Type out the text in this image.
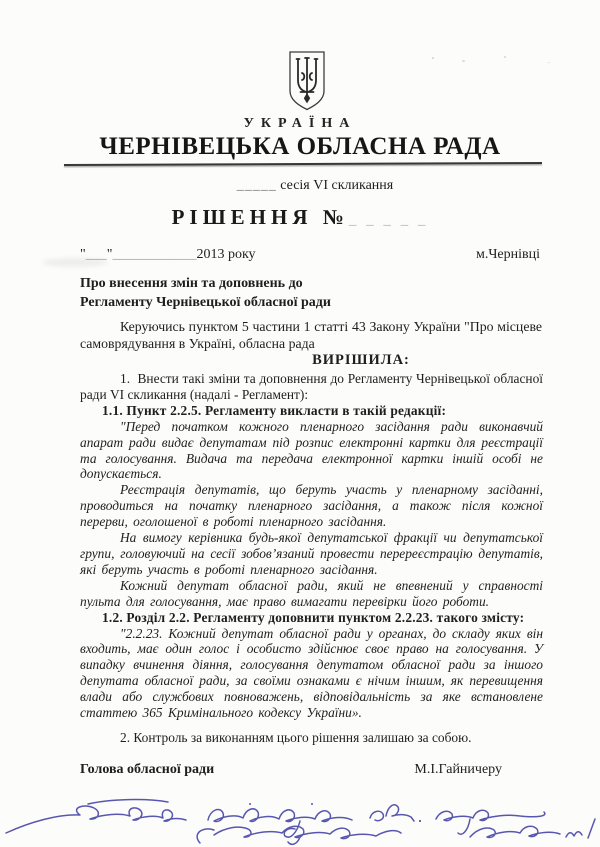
УКРАЇНА
ЧЕРНІВЕЦЬКА ОБЛАСНА РАДА
_____ сесія VI скликання
РІШЕННЯ №_ _ _ _ _
"___"____________2013 року	м.Чернівці
Про внесення змін та доповнень до
Регламенту Чернівецької обласної ради

Керуючись пунктом 5 частини 1 статті 43 Закону України "Про місцеве самоврядування в Україні, обласна рада

ВИРІШИЛА:

1.  Внести такі зміни та доповнення до Регламенту Чернівецької обласної ради VI скликання (надалі - Регламент):

1.1. Пункт 2.2.5. Регламенту викласти в такій редакції:

"Перед початком кожного пленарного засідання ради виконавчий апарат ради видає депутатам під розпис електронні картки для реєстрації та голосування. Видача та передача електронної картки іншій особі не допускається.

Реєстрація депутатів, що беруть участь у пленарному засіданні, проводиться на початку пленарного засідання, а також після кожної перерви, оголошеної в роботі пленарного засідання.

На вимогу керівника будь-якої депутатської фракції чи депутатської групи, головуючий на сесії зобов’язаний провести перереєстрацію депутатів, які беруть участь в роботі пленарного засідання.

Кожний депутат обласної ради, який не впевнений у справності пульта для голосування, має право вимагати перевірки його роботи.

1.2. Розділ 2.2. Регламенту доповнити пунктом 2.2.23. такого змісту:

"2.2.23. Кожний депутат обласної ради у органах, до складу яких він входить, має один голос і особисто здійснює своє право на голосування. У випадку вчинення діяння, голосування депутатом обласної ради за іншого депутата обласної ради, за своїми ознаками є нічим іншим, як перевищення влади або службових повноважень, відповідальність за яке встановлене статтею 365 Кримінального кодексу України».

2. Контроль за виконанням цього рішення залишаю за собою.

Голова обласної ради	М.І.Гайничеру
